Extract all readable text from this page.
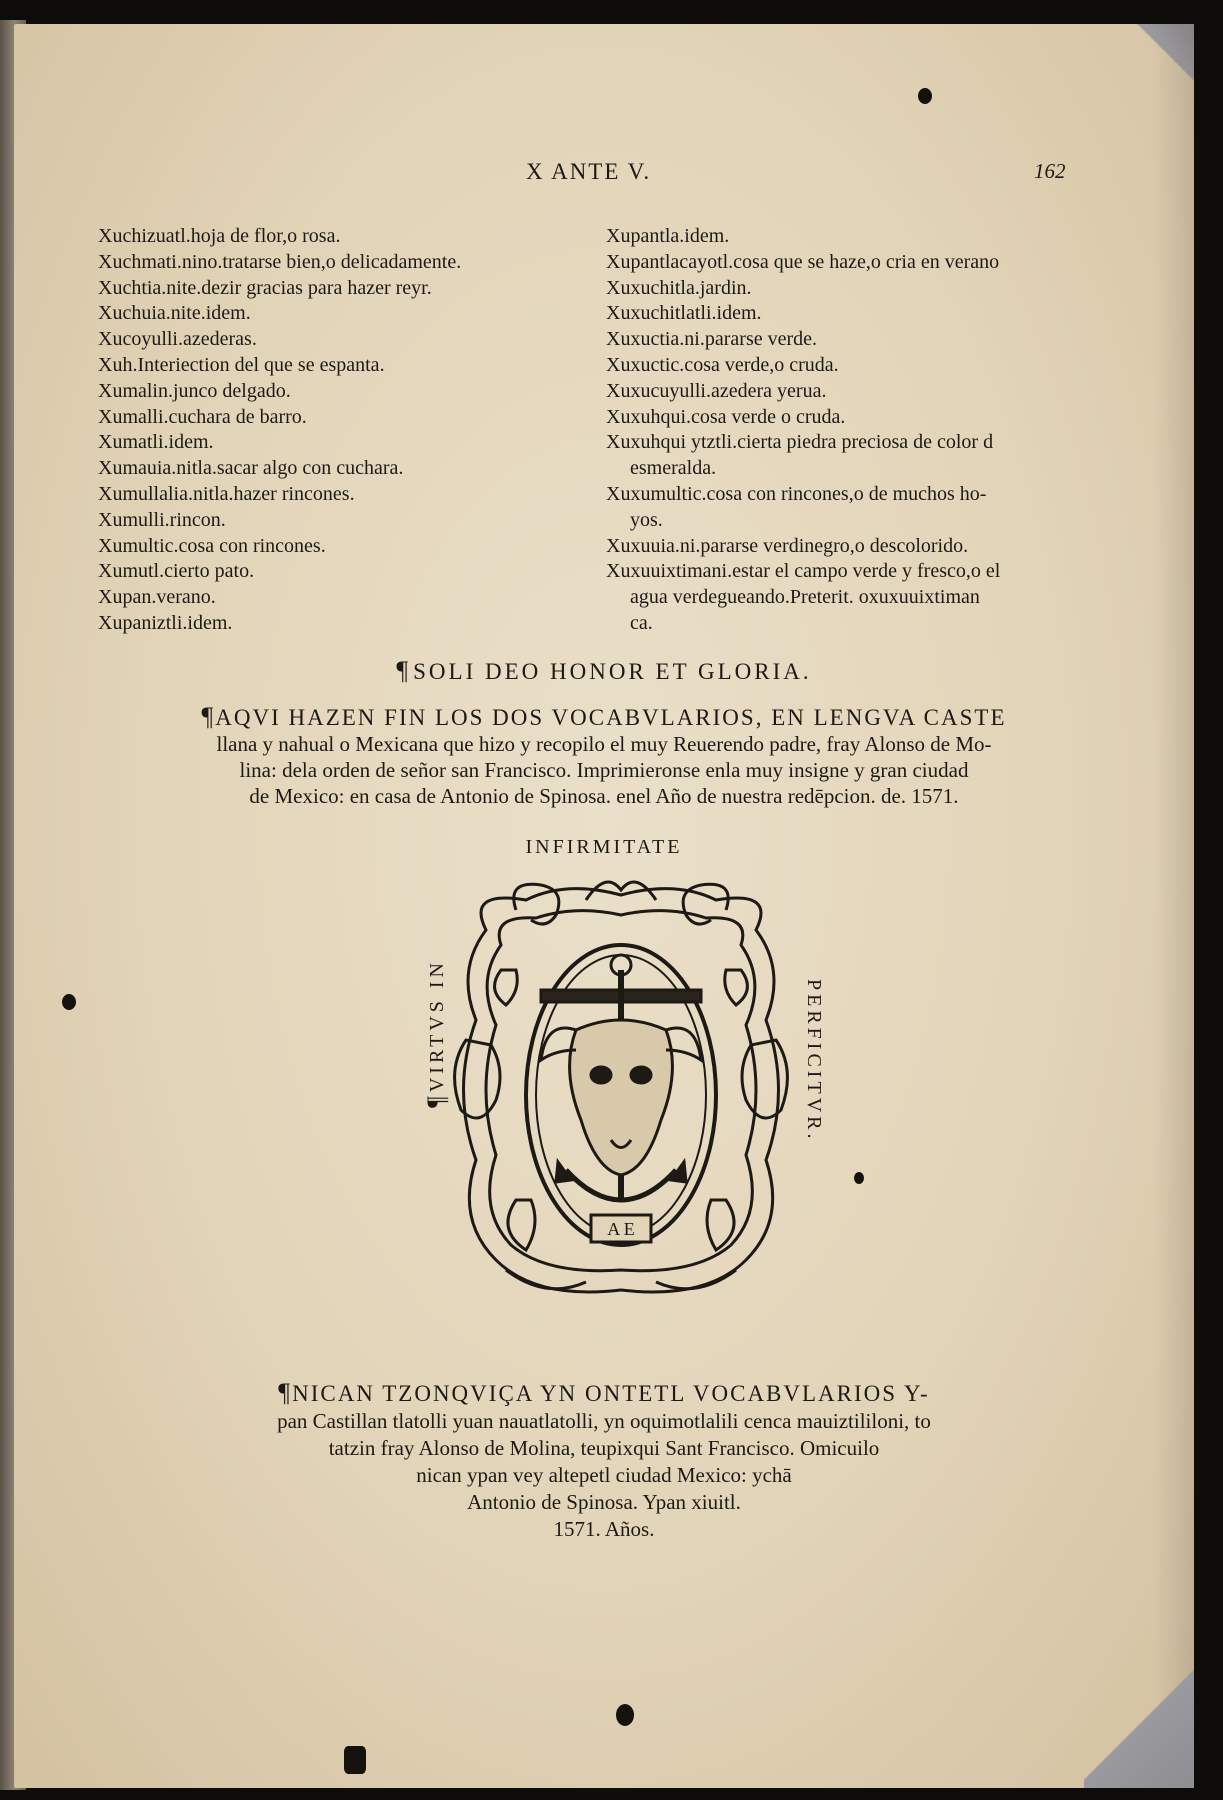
X ANTE V.	162
Xuchizuatl.hoja de flor,o rosa.
Xuchmati.nino.tratarse bien,o delicadamente.
Xuchtia.nite.dezir gracias para hazer reyr.
Xuchuia.nite.idem.
Xucoyulli.azederas.
Xuh.Interiection del que se espanta.
Xumalin.junco delgado.
Xumalli.cuchara de barro.
Xumatli.idem.
Xumauia.nitla.sacar algo con cuchara.
Xumullalia.nitla.hazer rincones.
Xumulli.rincon.
Xumultic.cosa con rincones.
Xumutl.cierto pato.
Xupan.verano.
Xupaniztli.idem.
Xupantla.idem.
Xupantlacayotl.cosa que se haze,o cria en verano
Xuxuchitla.jardin.
Xuxuchitlatli.idem.
Xuxuctia.ni.pararse verde.
Xuxuctic.cosa verde,o cruda.
Xuxucuyulli.azedera yerua.
Xuxuhqui.cosa verde o cruda.
Xuxuhqui ytztli.cierta piedra preciosa de color d
esmeralda.
Xuxumultic.cosa con rincones,o de muchos ho-
yos.
Xuxuuia.ni.pararse verdinegro,o descolorido.
Xuxuuixtimani.estar el campo verde y fresco,o el
agua verdegueando.Preterit. oxuxuuixtiman
ca.
¶SOLI DEO HONOR ET GLORIA.
¶AQVI HAZEN FIN LOS DOS VOCABVLARIOS, EN LENGVA CASTE
llana y nahual o Mexicana que hizo y recopilo el muy Reuerendo padre, fray Alonso de Mo-
lina: dela orden de señor san Francisco. Imprimieronse enla muy insigne y gran ciudad
de Mexico: en casa de Antonio de Spinosa. enel Año de nuestra redēpcion. de. 1571.
INFIRMITATE
¶VIRTVS IN	PERFICITVR.
A E
¶NICAN TZONQVIÇA YN ONTETL VOCABVLARIOS Y-
pan Castillan tlatolli yuan nauatlatolli, yn oquimotlalili cenca mauiztililoni, to
tatzin fray Alonso de Molina, teupixqui Sant Francisco. Omicuilo
nican ypan vey altepetl ciudad Mexico: ychā
Antonio de Spinosa. Ypan xiuitl.
1571. Años.
